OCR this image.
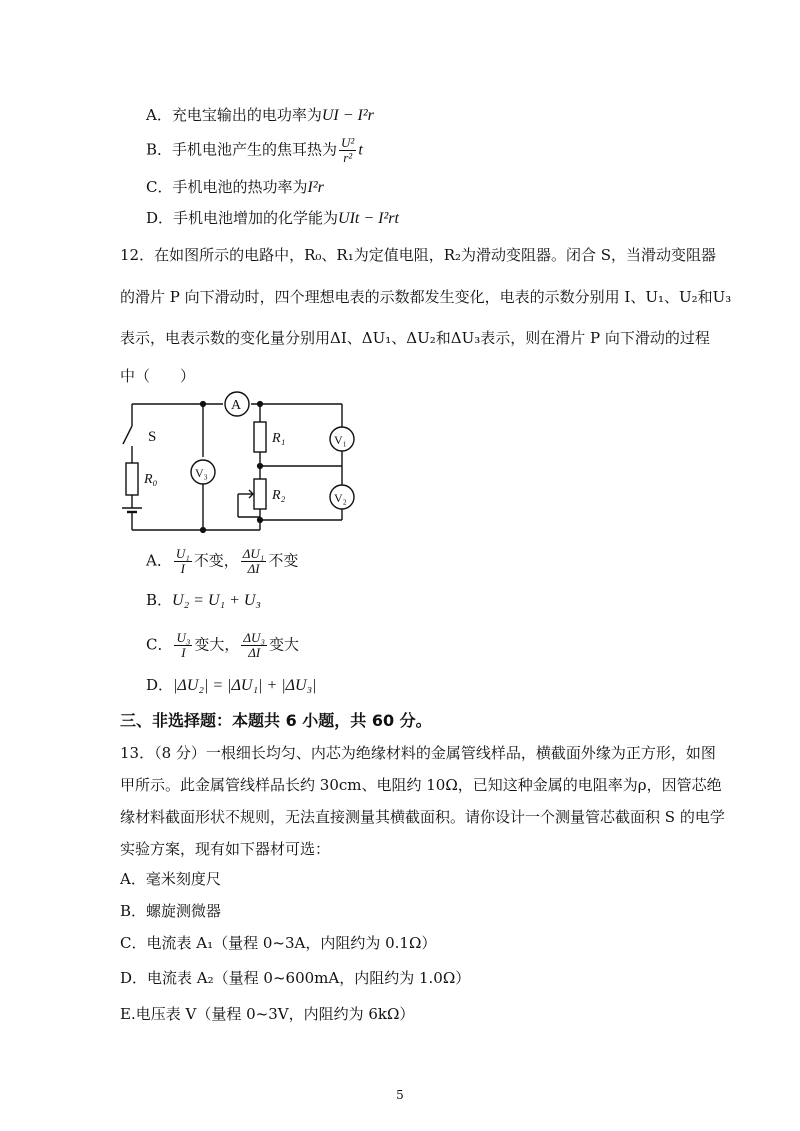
A．充电宝输出的电功率为UI − I²r
B．手机电池产生的焦耳热为 $\frac{\text{U²}}{\text{r²}}$ t
C．手机电池的热功率为I²r
D．手机电池增加的化学能为UIt − I²rt
12．在如图所示的电路中，R₀、R₁为定值电阻，R₂为滑动变阻器。闭合 S，当滑动变阻器
的滑片 P 向下滑动时，四个理想电表的示数都发生变化，电表的示数分别用 I、U₁、U₂和U₃
表示，电表示数的变化量分别用ΔI、ΔU₁、ΔU₂和ΔU₃表示，则在滑片 P 向下滑动的过程
中（　　）
A
V₁
V₂
V₃
S
R₀
R₁
R₂
A． $\frac{\text{U₁}}{I}$ 不变， $\frac{\text{ΔU₁}}{\Delta I}$ 不变
B．U₂ = U₁ + U₃
C． $\frac{\text{U₃}}{I}$ 变大， $\frac{\text{ΔU₃}}{\Delta I}$ 变大
D．|ΔU₂| = |ΔU₁| + |ΔU₃|
三、非选择题：本题共 6 小题，共 60 分。
13．（8 分）一根细长均匀、内芯为绝缘材料的金属管线样品，横截面外缘为正方形，如图
甲所示。此金属管线样品长约 30cm、电阻约 10Ω，已知这种金属的电阻率为ρ，因管芯绝
缘材料截面形状不规则，无法直接测量其横截面积。请你设计一个测量管芯截面积 S 的电学
实验方案，现有如下器材可选：
A．毫米刻度尺
B．螺旋测微器
C．电流表 A₁（量程 0~3A，内阻约为 0.1Ω）
D．电流表 A₂（量程 0~600mA，内阻约为 1.0Ω）
E.电压表 V（量程 0~3V，内阻约为 6kΩ）
5
